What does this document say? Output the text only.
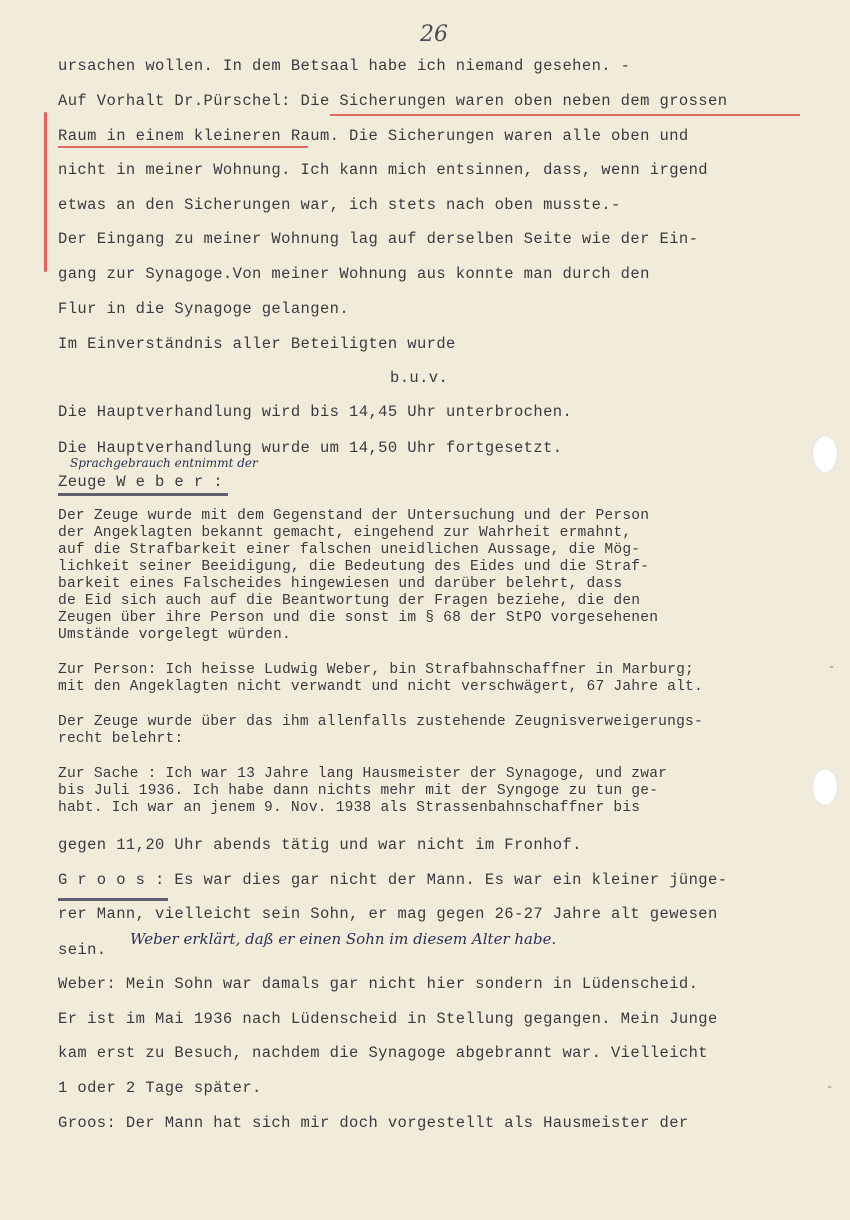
26
ursachen wollen. In dem Betsaal habe ich niemand gesehen. -
Auf Vorhalt Dr.Pürschel: Die Sicherungen waren oben neben dem grossen
Raum in einem kleineren Raum. Die Sicherungen waren alle oben und
nicht in meiner Wohnung. Ich kann mich entsinnen, dass, wenn irgend
etwas an den Sicherungen war, ich stets nach oben musste.-
Der Eingang zu meiner Wohnung lag auf derselben Seite wie der Ein-
gang zur Synagoge.Von meiner Wohnung aus konnte man durch den
Flur in die Synagoge gelangen.
Im Einverständnis aller Beteiligten wurde
b.u.v.
Die Hauptverhandlung wird bis 14,45 Uhr unterbrochen.
Die Hauptverhandlung wurde um 14,50 Uhr fortgesetzt.
Sprachgebrauch entnimmt der
Zeuge W e b e r :
Der Zeuge wurde mit dem Gegenstand der Untersuchung und der Person
der Angeklagten bekannt gemacht, eingehend zur Wahrheit ermahnt,
auf die Strafbarkeit einer falschen uneidlichen Aussage, die Mög-
lichkeit seiner Beeidigung, die Bedeutung des Eides und die Straf-
barkeit eines Falscheides hingewiesen und darüber belehrt, dass
de Eid sich auch auf die Beantwortung der Fragen beziehe, die den
Zeugen über ihre Person und die sonst im § 68 der StPO vorgesehenen
Umstände vorgelegt würden.
Zur Person: Ich heisse Ludwig Weber, bin Strafbahnschaffner in Marburg;
mit den Angeklagten nicht verwandt und nicht verschwägert, 67 Jahre alt.
Der Zeuge wurde über das ihm allenfalls zustehende Zeugnisverweigerungs-
recht belehrt:
Zur Sache : Ich war 13 Jahre lang Hausmeister der Synagoge, und zwar
bis Juli 1936. Ich habe dann nichts mehr mit der Syngoge zu tun ge-
habt. Ich war an jenem 9. Nov. 1938 als Strassenbahnschaffner bis
gegen 11,20 Uhr abends tätig und war nicht im Fronhof.
G r o o s : Es war dies gar nicht der Mann. Es war ein kleiner jünge-
rer Mann, vielleicht sein Sohn, er mag gegen 26-27 Jahre alt gewesen
sein.
Weber erklärt, daß er einen Sohn im diesem Alter habe.
Weber: Mein Sohn war damals gar nicht hier sondern in Lüdenscheid.
Er ist im Mai 1936 nach Lüdenscheid in Stellung gegangen. Mein Junge
kam erst zu Besuch, nachdem die Synagoge abgebrannt war. Vielleicht
1 oder 2 Tage später.
Groos: Der Mann hat sich mir doch vorgestellt als Hausmeister der
-
-
